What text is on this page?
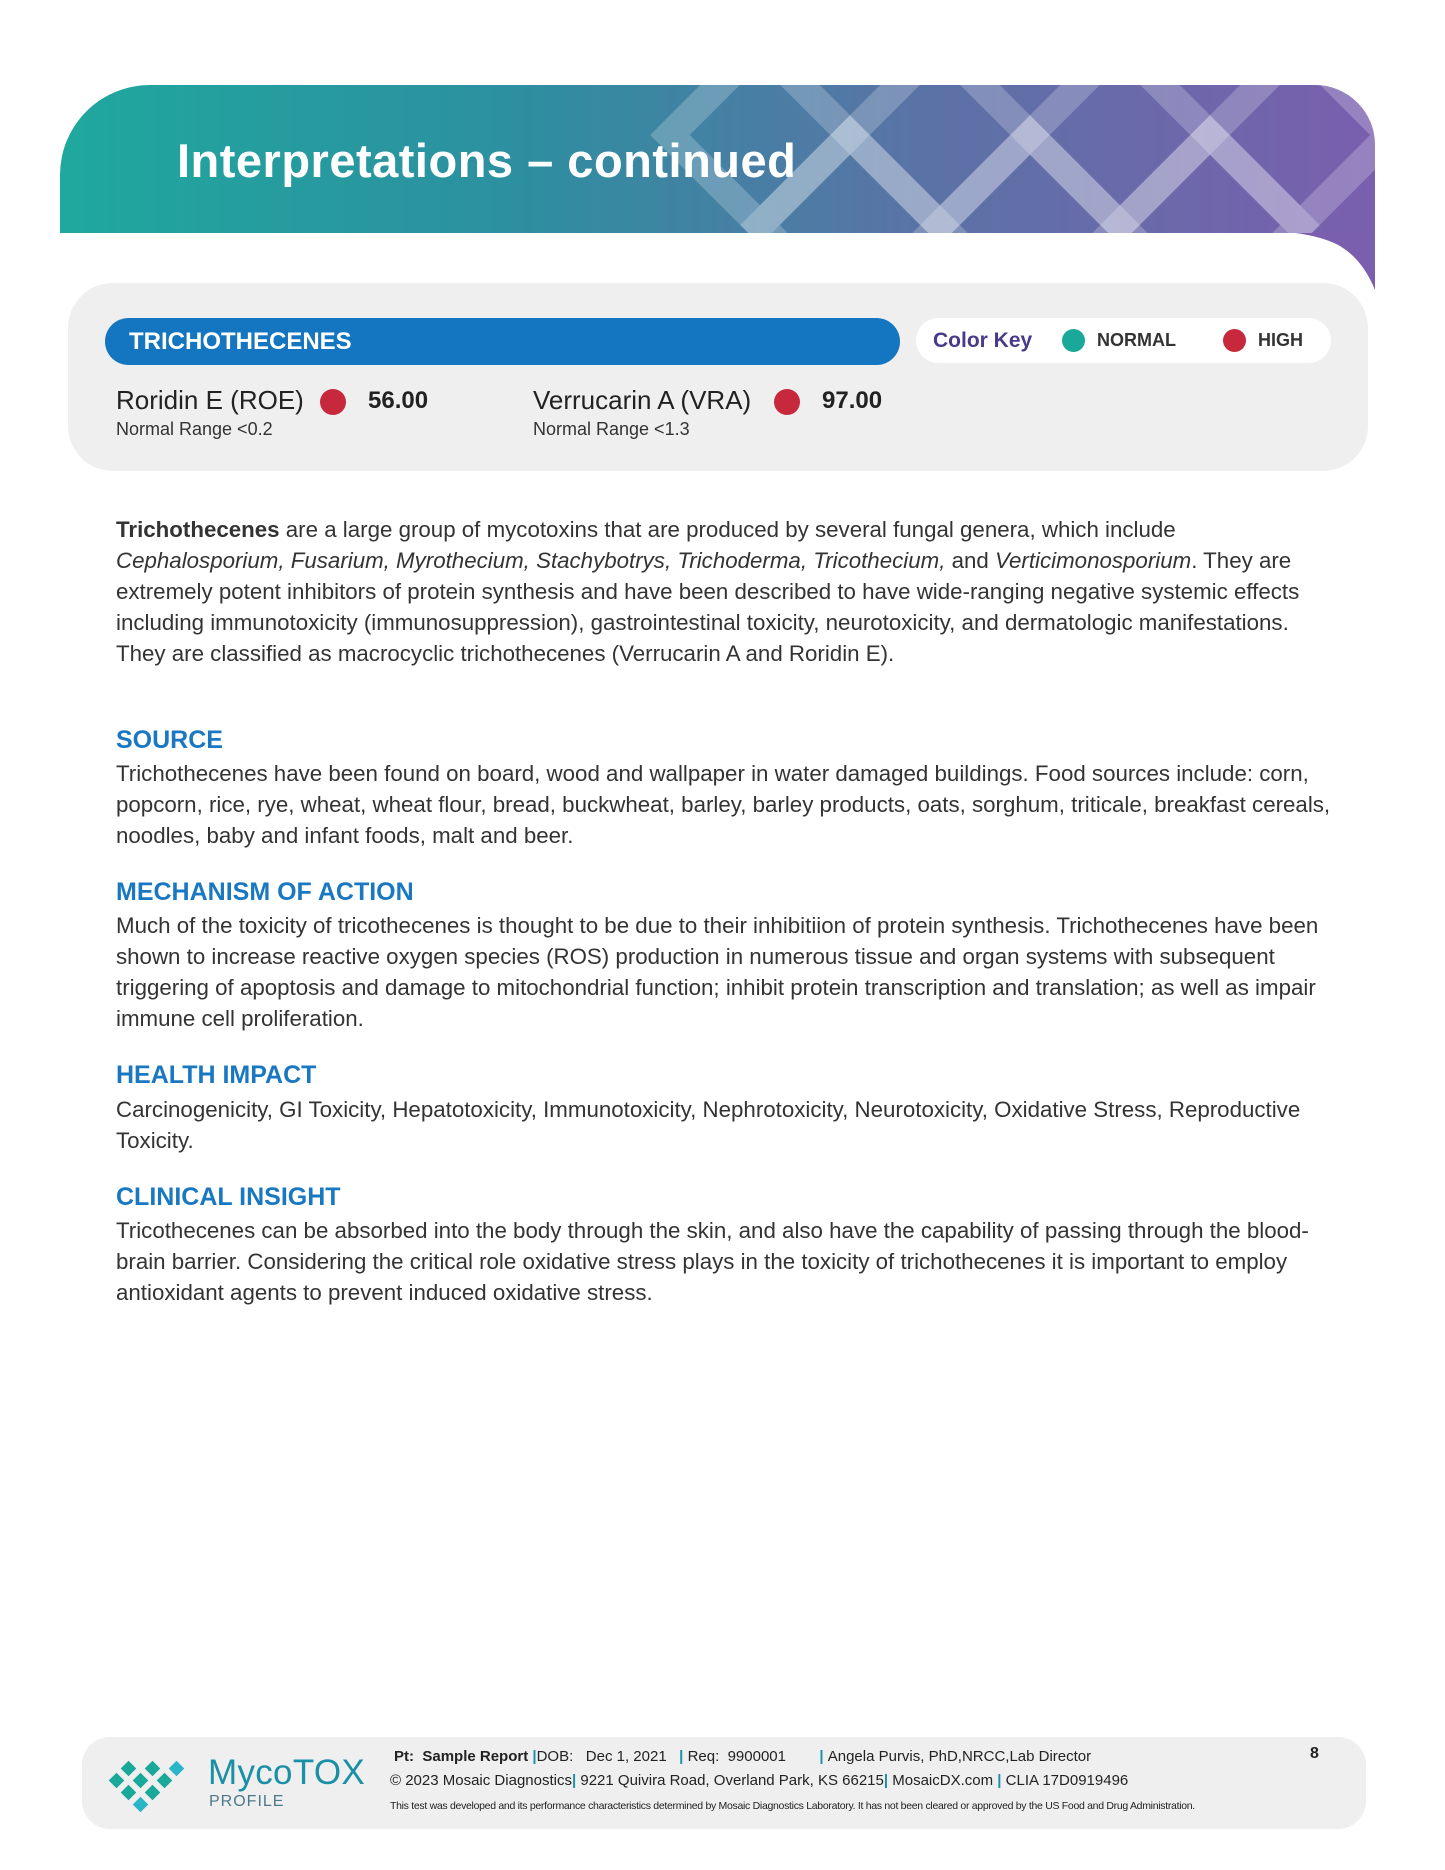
Interpretations – continued
TRICHOTHECENES	Color Key	NORMAL	HIGH
Roridin E (ROE)	56.00
Normal Range <0.2
Verrucarin A (VRA)	97.00
Normal Range <1.3

Trichothecenes are a large group of mycotoxins that are produced by several fungal genera, which include Cephalosporium, Fusarium, Myrothecium, Stachybotrys, Trichoderma, Tricothecium, and Verticimonosporium. They are extremely potent inhibitors of protein synthesis and have been described to have wide-ranging negative systemic effects including immunotoxicity (immunosuppression), gastrointestinal toxicity, neurotoxicity, and dermatologic manifestations. They are classified as macrocyclic trichothecenes (Verrucarin A and Roridin E).

SOURCE
Trichothecenes have been found on board, wood and wallpaper in water damaged buildings. Food sources include: corn, popcorn, rice, rye, wheat, wheat flour, bread, buckwheat, barley, barley products, oats, sorghum, triticale, breakfast cereals, noodles, baby and infant foods, malt and beer.
MECHANISM OF ACTION
Much of the toxicity of tricothecenes is thought to be due to their inhibitiion of protein synthesis. Trichothecenes have been shown to increase reactive oxygen species (ROS) production in numerous tissue and organ systems with subsequent triggering of apoptosis and damage to mitochondrial function; inhibit protein transcription and translation; as well as impair immune cell proliferation.
HEALTH IMPACT
Carcinogenicity, GI Toxicity, Hepatotoxicity, Immunotoxicity, Nephrotoxicity, Neurotoxicity, Oxidative Stress, Reproductive Toxicity.
CLINICAL INSIGHT
Tricothecenes can be absorbed into the body through the skin, and also have the capability of passing through the blood-brain barrier. Considering the critical role oxidative stress plays in the toxicity of trichothecenes it is important to employ antioxidant agents to prevent induced oxidative stress.
MycoTOX
PROFILE
Pt: Sample Report |DOB: Dec 1, 2021   | Req: 9900001        | Angela Purvis, PhD,NRCC,Lab Director
© 2023 Mosaic Diagnostics| 9221 Quivira Road, Overland Park, KS 66215| MosaicDX.com | CLIA 17D0919496
This test was developed and its performance characteristics determined by Mosaic Diagnostics Laboratory. It has not been cleared or approved by the US Food and Drug Administration.
8
